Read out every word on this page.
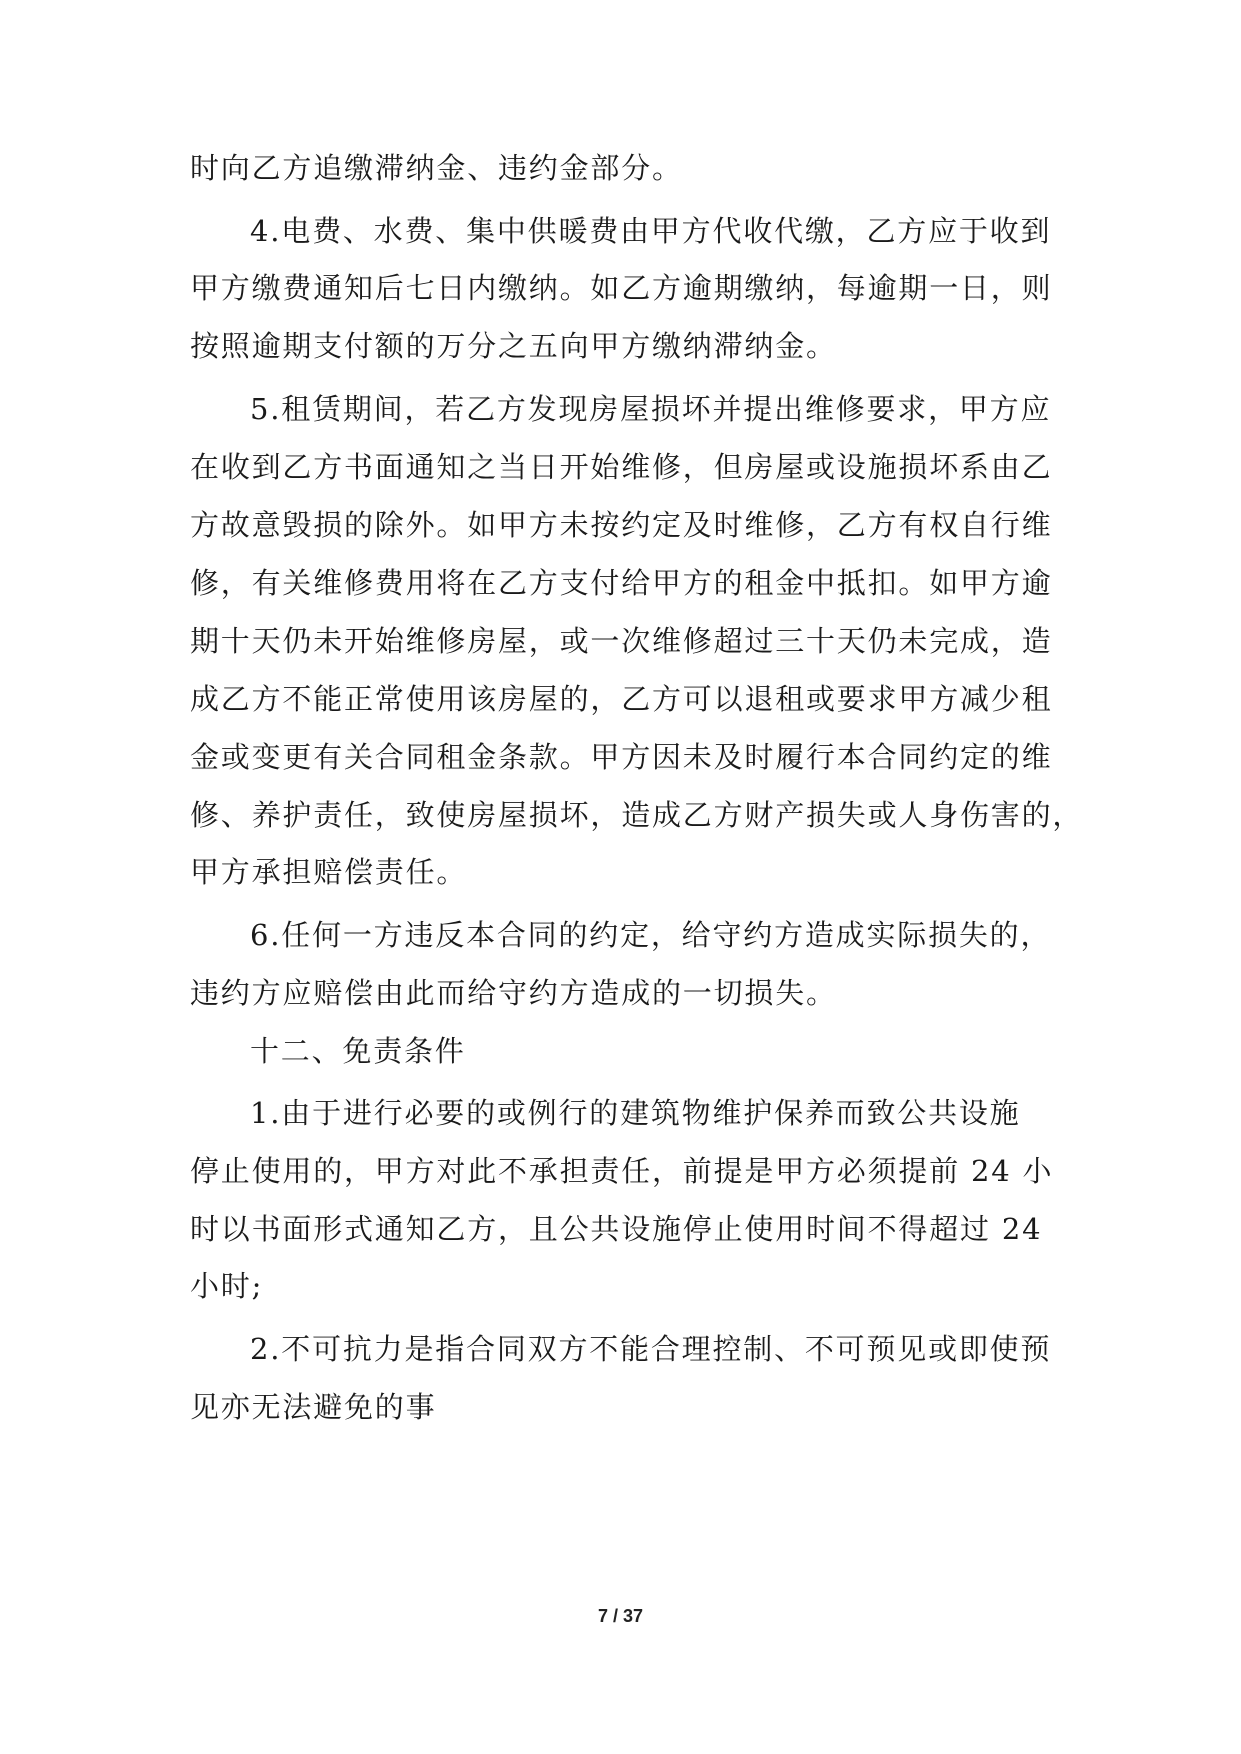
时向乙方追缴滞纳金、违约金部分。
4.电费、水费、集中供暖费由甲方代收代缴，乙方应于收到
甲方缴费通知后七日内缴纳。如乙方逾期缴纳，每逾期一日，则
按照逾期支付额的万分之五向甲方缴纳滞纳金。
5.租赁期间，若乙方发现房屋损坏并提出维修要求，甲方应
在收到乙方书面通知之当日开始维修，但房屋或设施损坏系由乙
方故意毁损的除外。如甲方未按约定及时维修，乙方有权自行维
修，有关维修费用将在乙方支付给甲方的租金中抵扣。如甲方逾
期十天仍未开始维修房屋，或一次维修超过三十天仍未完成，造
成乙方不能正常使用该房屋的，乙方可以退租或要求甲方减少租
金或变更有关合同租金条款。甲方因未及时履行本合同约定的维
修、养护责任，致使房屋损坏，造成乙方财产损失或人身伤害的，
甲方承担赔偿责任。
6.任何一方违反本合同的约定，给守约方造成实际损失的，
违约方应赔偿由此而给守约方造成的一切损失。
十二、免责条件
1.由于进行必要的或例行的建筑物维护保养而致公共设施
停止使用的，甲方对此不承担责任，前提是甲方必须提前 24 小
时以书面形式通知乙方，且公共设施停止使用时间不得超过 24
小时;
2.不可抗力是指合同双方不能合理控制、不可预见或即使预
见亦无法避免的事
7 / 37
